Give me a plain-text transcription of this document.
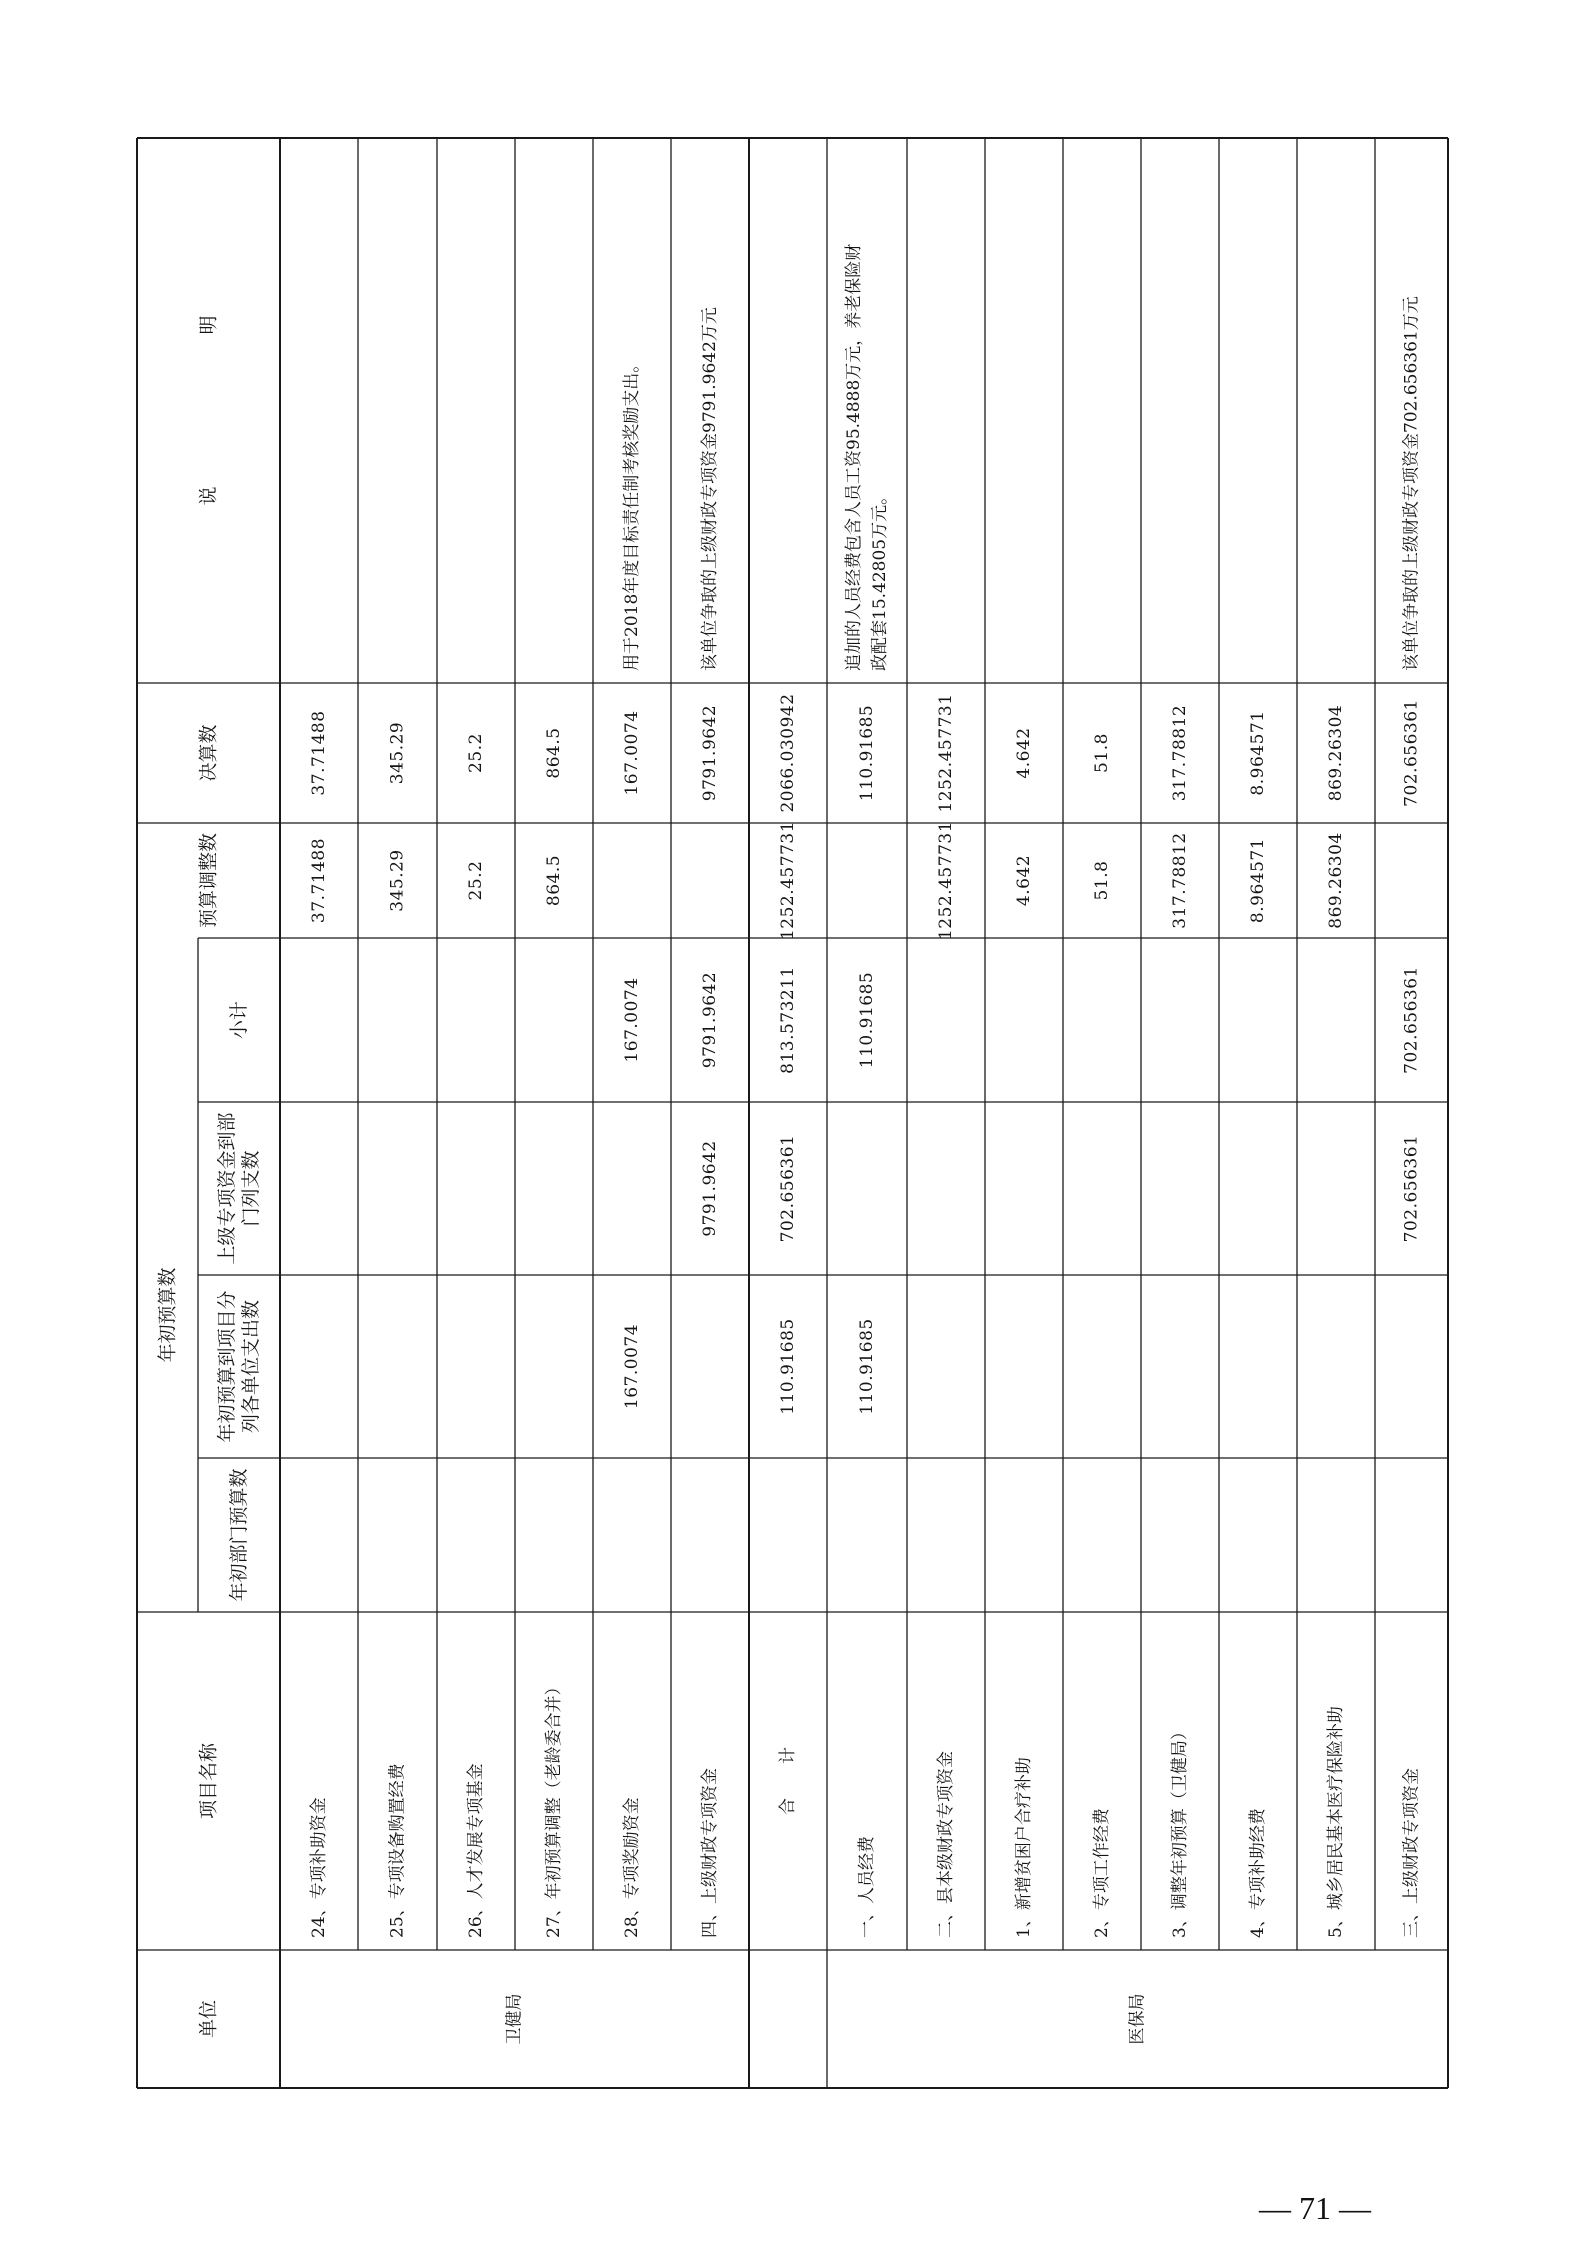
单位
项目名称
年初预算数
年初部门预算数
年初预算到项目分 列各单位支出数
上级专项资金到部 门列支数
小计
预算调整数
决算数
说　　　　　　　　明
卫健局	医保局
24、专项补助资金
37.71488
37.71488
25、专项设备购置经费
345.29
345.29
26、人才发展专项基金
25.2
25.2
27、年初预算调整（老龄委合并）
864.5
864.5
28、专项奖励资金
167.0074
167.0074
167.0074
用于2018年度目标责任制考核奖励支出。
四、上级财政专项资金
9791.9642
9791.9642
9791.9642
该单位争取的上级财政专项资金9791.9642万元
合　　计
110.91685
702.656361
813.573211
1252.457731
2066.030942
一、人员经费
110.91685
110.91685
110.91685
追加的人员经费包含人员工资95.4888万元，养老保险财 政配套15.42805万元。
二、县本级财政专项资金
1252.457731
1252.457731
1、新增贫困户合疗补助
4.642
4.642
2、专项工作经费
51.8
51.8
3、调整年初预算（卫健局）
317.78812
317.78812
4、专项补助经费
8.964571
8.964571
5、城乡居民基本医疗保险补助
869.26304
869.26304
三、上级财政专项资金
702.656361
702.656361
702.656361
该单位争取的上级财政专项资金702.656361万元
— 71 —
